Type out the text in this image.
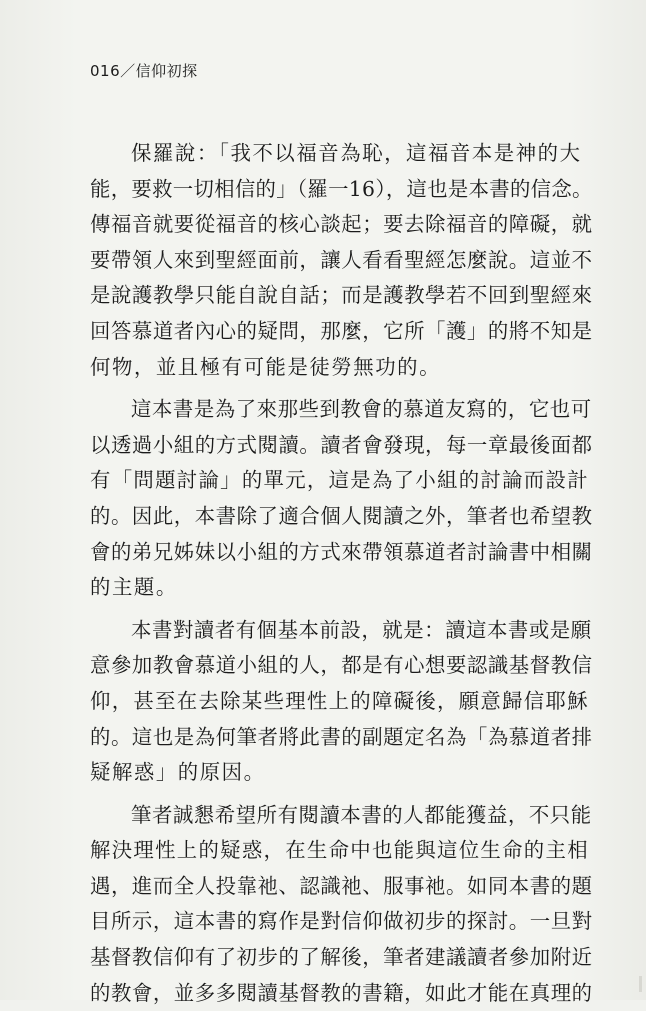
016／信仰初探
保羅說：「我不以福音為恥，這福音本是神的大
能，要救一切相信的」（羅一16），這也是本書的信念。
傳福音就要從福音的核心談起；要去除福音的障礙，就
要帶領人來到聖經面前，讓人看看聖經怎麼說。這並不
是說護教學只能自說自話；而是護教學若不回到聖經來
回答慕道者內心的疑問，那麼，它所「護」的將不知是
何物，並且極有可能是徒勞無功的。
這本書是為了來那些到教會的慕道友寫的，它也可
以透過小組的方式閱讀。讀者會發現，每一章最後面都
有「問題討論」的單元，這是為了小組的討論而設計
的。因此，本書除了適合個人閱讀之外，筆者也希望教
會的弟兄姊妹以小組的方式來帶領慕道者討論書中相關
的主題。
本書對讀者有個基本前設，就是：讀這本書或是願
意參加教會慕道小組的人，都是有心想要認識基督教信
仰，甚至在去除某些理性上的障礙後，願意歸信耶穌
的。這也是為何筆者將此書的副題定名為「為慕道者排
疑解惑」的原因。
筆者誠懇希望所有閱讀本書的人都能獲益，不只能
解決理性上的疑惑，在生命中也能與這位生命的主相
遇，進而全人投靠祂、認識祂、服事祂。如同本書的題
目所示，這本書的寫作是對信仰做初步的探討。一旦對
基督教信仰有了初步的了解後，筆者建議讀者參加附近
的教會，並多多閱讀基督教的書籍，如此才能在真理的
